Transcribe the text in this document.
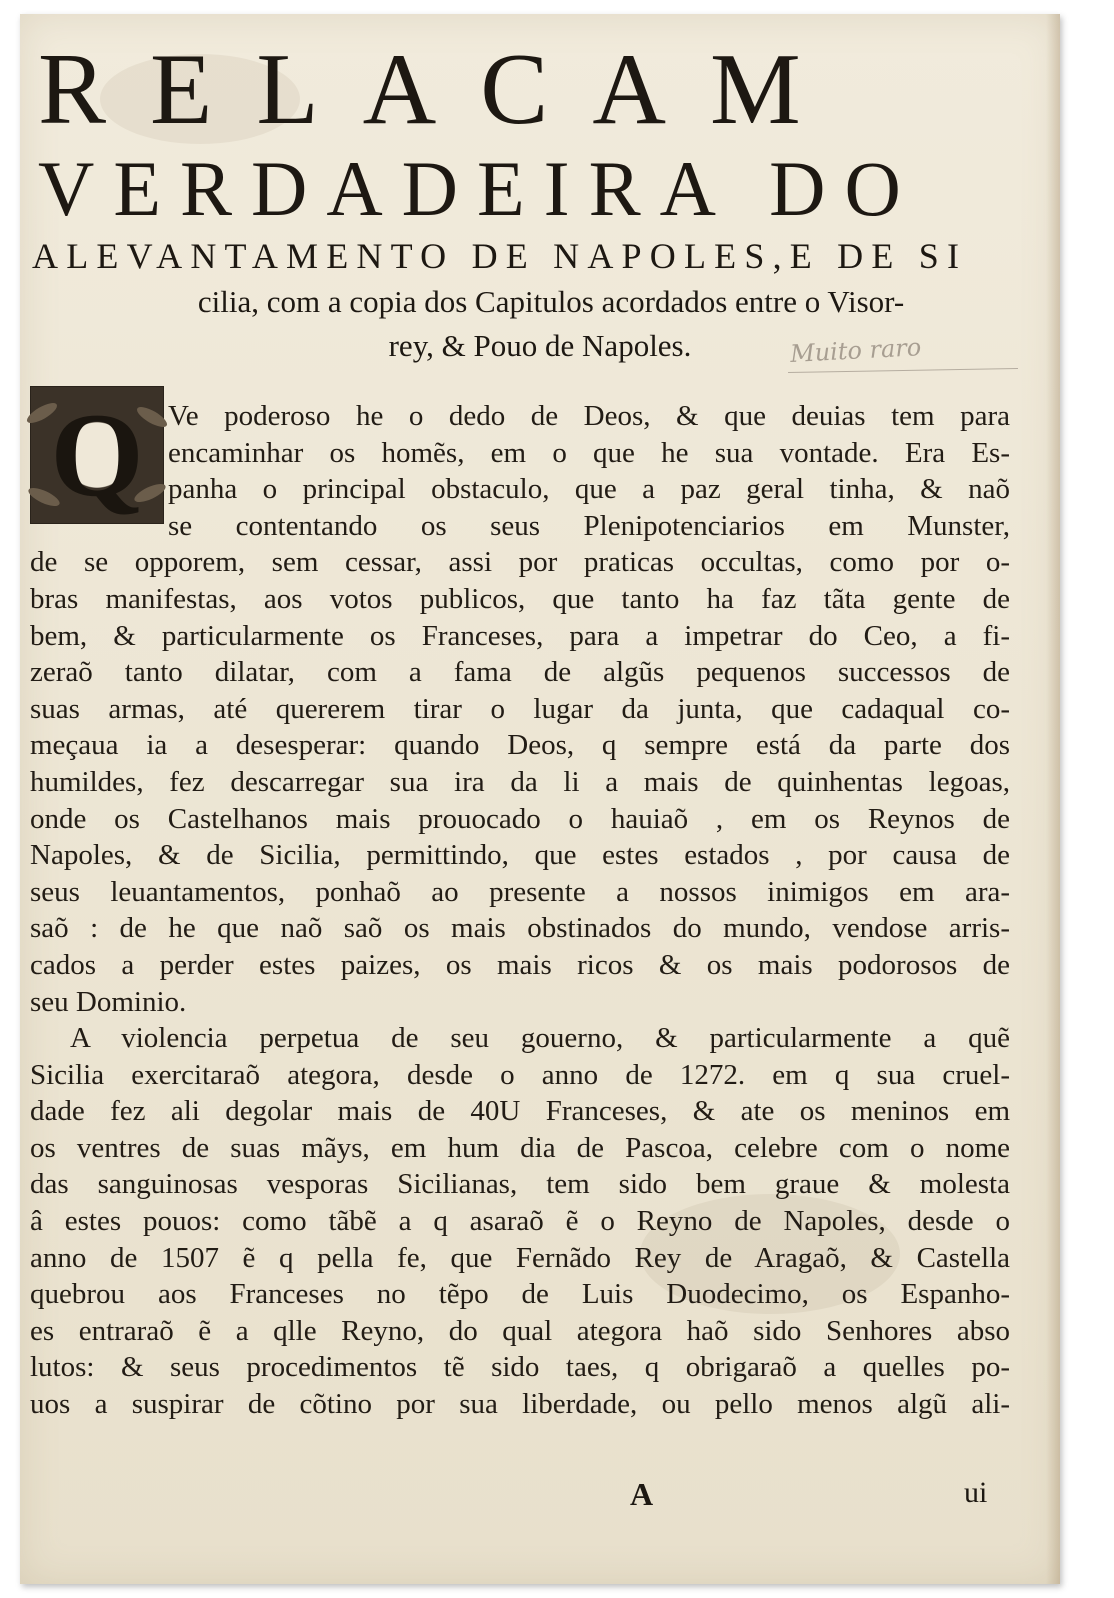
RELACAM
VERDADEIRA DO
ALEVANTAMENTO DE NAPOLES,E DE SI
cilia, com a copia dos Capitulos acordados entre o Visor-
rey, & Pouo de Napoles.	Muito raro
Q Ve poderoso he o dedo de Deos, & que deuias tem para
encaminhar os homẽs, em o que he sua vontade. Era Es-
panha o principal obstaculo, que a paz geral tinha, & naõ
se contentando os seus Plenipotenciarios em Munster,
de se opporem, sem cessar, assi por praticas occultas, como por o-
bras manifestas, aos votos publicos, que tanto ha faz tãta gente de
bem, & particularmente os Franceses, para a impetrar do Ceo, a fi-
zeraõ tanto dilatar, com a fama de algũs pequenos successos de
suas armas, até quererem tirar o lugar da junta, que cadaqual co-
meçaua ia a desesperar: quando Deos, q sempre está da parte dos
humildes, fez descarregar sua ira da li a mais de quinhentas legoas,
onde os Castelhanos mais prouocado o hauiaõ , em os Reynos de
Napoles, & de Sicilia, permittindo, que estes estados , por causa de
seus leuantamentos, ponhaõ ao presente a nossos inimigos em ara-
saõ : de he que naõ saõ os mais obstinados do mundo, vendose arris-
cados a perder estes paizes, os mais ricos & os mais podorosos de
seu Dominio.
A violencia perpetua de seu gouerno, & particularmente a quẽ
Sicilia exercitaraõ ategora, desde o anno de 1272. em q sua cruel-
dade fez ali degolar mais de 40U Franceses, & ate os meninos em
os ventres de suas mãys, em hum dia de Pascoa, celebre com o nome
das sanguinosas vesporas Sicilianas, tem sido bem graue & molesta
â estes pouos: como tãbẽ a q asaraõ ẽ o Reyno de Napoles, desde o
anno de 1507 ẽ q pella fe, que Fernãdo Rey de Aragaõ, & Castella
quebrou aos Franceses no tẽpo de Luis Duodecimo, os Espanho-
es entraraõ ẽ a qlle Reyno, do qual ategora haõ sido Senhores abso
lutos: & seus procedimentos tẽ sido taes, q obrigaraõ a quelles po-
uos a suspirar de cõtino por sua liberdade, ou pello menos algũ ali-
A	ui
